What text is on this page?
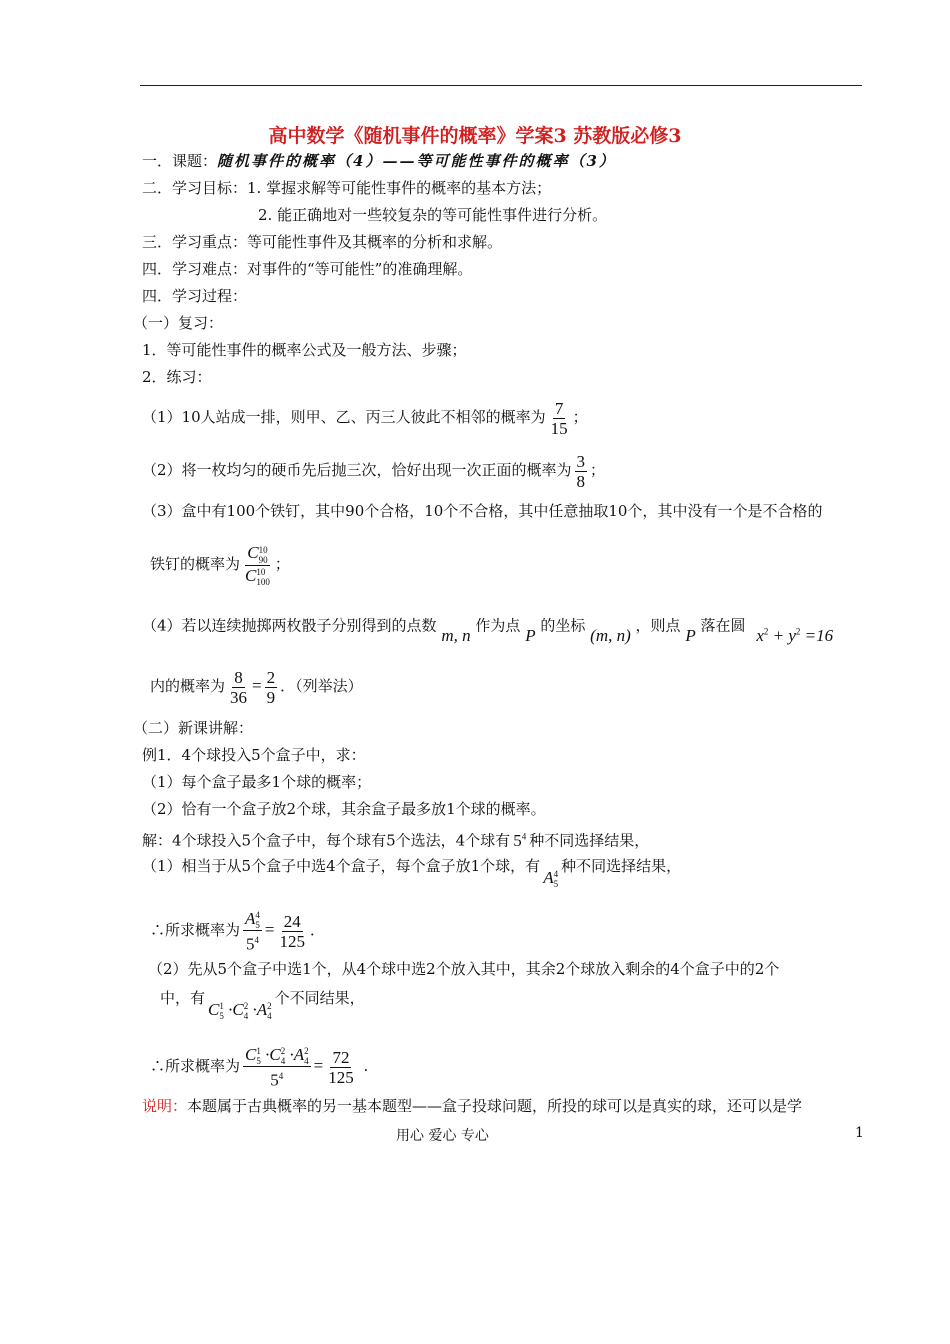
高中数学《随机事件的概率》学案3 苏教版必修3
一．课题：随机事件的概率（4）——等可能性事件的概率（3）
二．学习目标：1. 掌握求解等可能性事件的概率的基本方法；
2. 能正确地对一些较复杂的等可能性事件进行分析。
三．学习重点：等可能性事件及其概率的分析和求解。
四．学习难点：对事件的“等可能性”的准确理解。
四．学习过程：
（一）复习：
1．等可能性事件的概率公式及一般方法、步骤；
2．练习：
（1）10人站成一排，则甲、乙、丙三人彼此不相邻的概率为 $\frac{7}{15}$ ；
（2）将一枚均匀的硬币先后抛三次，恰好出现一次正面的概率为 $\frac{3}{8}$ ；
（3）盒中有100个铁钉，其中90个合格，10个不合格，其中任意抽取10个，其中没有一个是不合格的
铁钉的概率为 C 10
90
C 10
100 ；
（4）若以连续抛掷两枚骰子分别得到的点数 m, n 作为点 P 的坐标 (m, n) ，则点 P 落在圆 $x^2 + y^2 =16$
内的概率为 $\frac{8}{36} = \frac{2}{9}$ ．（列举法）
（二）新课讲解：
例1．4个球投入5个盒子中，求：
（1）每个盒子最多1个球的概率；
（2）恰有一个盒子放2个球，其余盒子最多放1个球的概率。
解：4个球投入5个盒子中，每个球有5个选法，4个球有 $5^4$ 种不同选择结果，
（1）相当于从5个盒子中选4个盒子，每个盒子放1个球，有A 4
5
种不同选择结果，
∴所求概率为 A 4
5
$5^4 = \frac{24}{125}$ ．
（2）先从5个盒子中选1个，从4个球中选2个放入其中，其余2个球放入剩余的4个盒子中的2个
中，有C 1
5 ·C 2
4 ·A 2
4
个不同结果，
∴所求概率为 C 1
5 ·C 2
4 ·A 2
4
$5^4 = \frac{72}{125}$ .
说明：本题属于古典概率的另一基本题型——盒子投球问题，所投的球可以是真实的球，还可以是学
用心 爱心 专心	1
